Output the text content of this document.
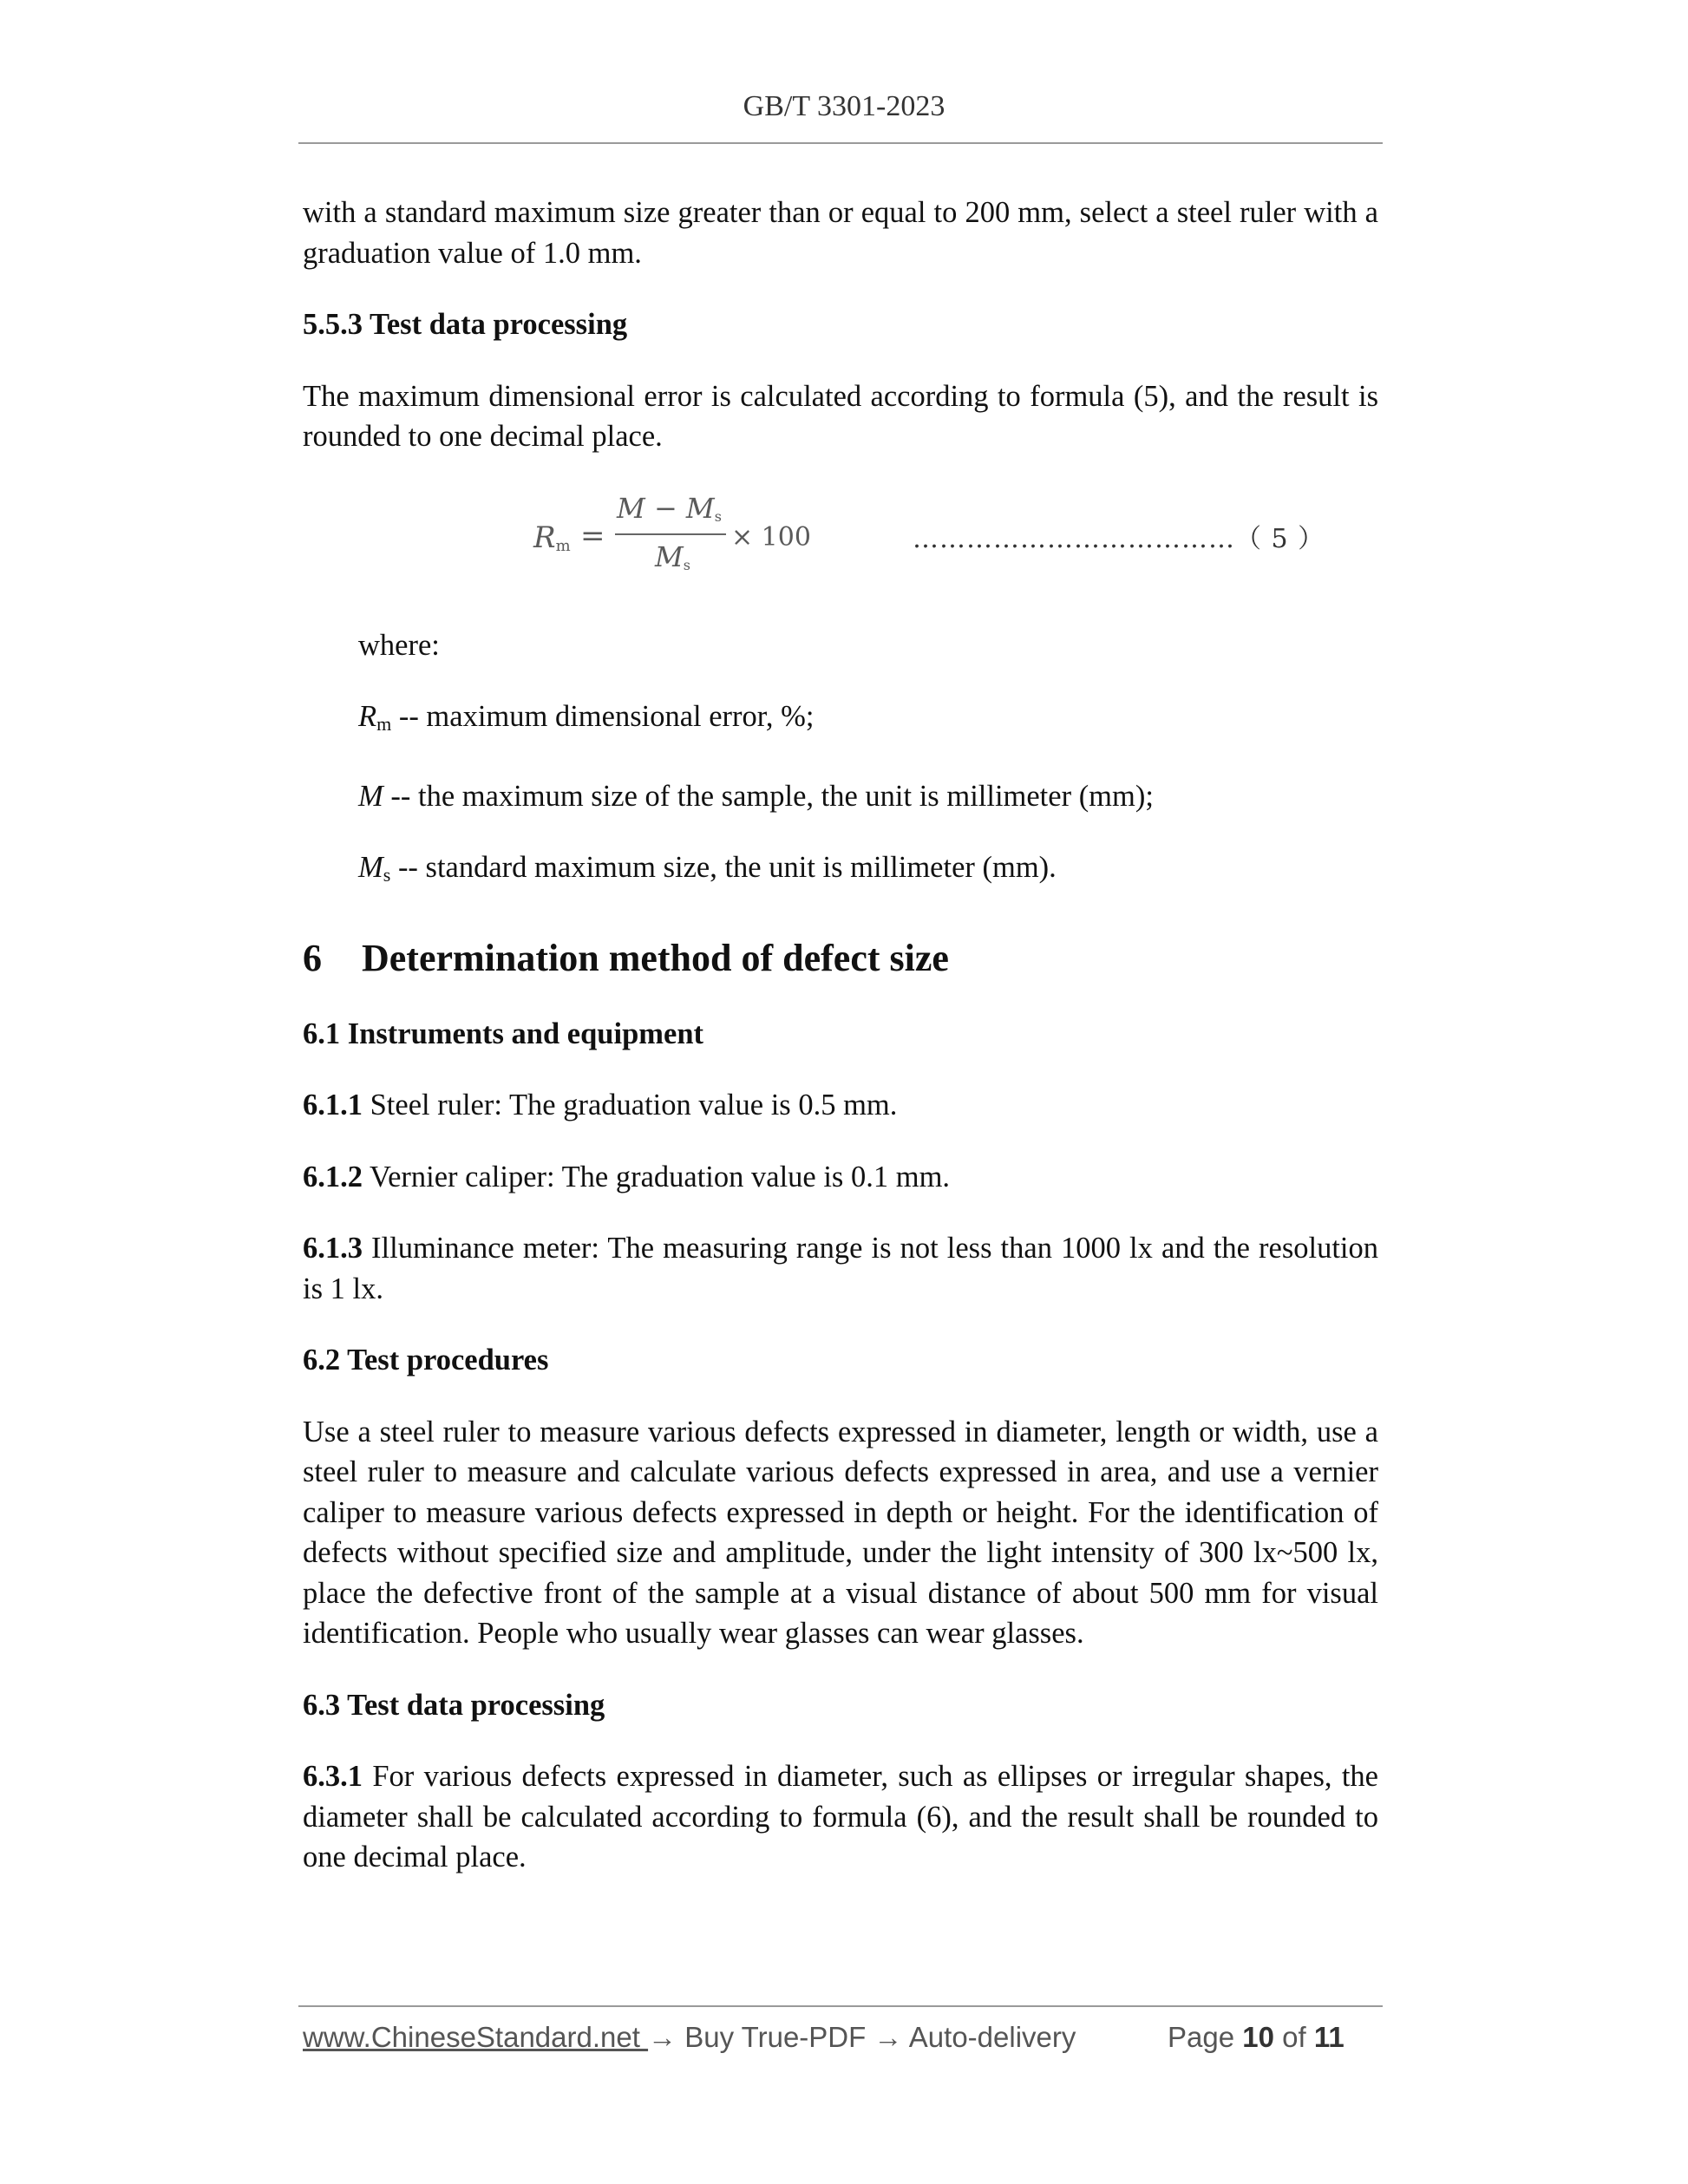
GB/T 3301-2023

with a standard maximum size greater than or equal to 200 mm, select a steel ruler with a graduation value of 1.0 mm.

5.5.3 Test data processing

The maximum dimensional error is calculated according to formula (5), and the result is rounded to one decimal place.

$R_m$ =
$M - M_s$
$M_s$
× 100	………………………………（ 5 ）

where:

$R_m$ -- maximum dimensional error, %;

M -- the maximum size of the sample, the unit is millimeter (mm);

$M_s$ -- standard maximum size, the unit is millimeter (mm).

6 Determination method of defect size

6.1 Instruments and equipment

6.1.1 Steel ruler: The graduation value is 0.5 mm.

6.1.2 Vernier caliper: The graduation value is 0.1 mm.

6.1.3 Illuminance meter: The measuring range is not less than 1000 lx and the resolution is 1 lx.

6.2 Test procedures

Use a steel ruler to measure various defects expressed in diameter, length or width, use a steel ruler to measure and calculate various defects expressed in area, and use a vernier caliper to measure various defects expressed in depth or height. For the identification of defects without specified size and amplitude, under the light intensity of 300 lx~500 lx, place the defective front of the sample at a visual distance of about 500 mm for visual identification. People who usually wear glasses can wear glasses.

6.3 Test data processing

6.3.1 For various defects expressed in diameter, such as ellipses or irregular shapes, the diameter shall be calculated according to formula (6), and the result shall be rounded to one decimal place.

www.ChineseStandard.net → Buy True-PDF → Auto-delivery	Page 10 of 11
